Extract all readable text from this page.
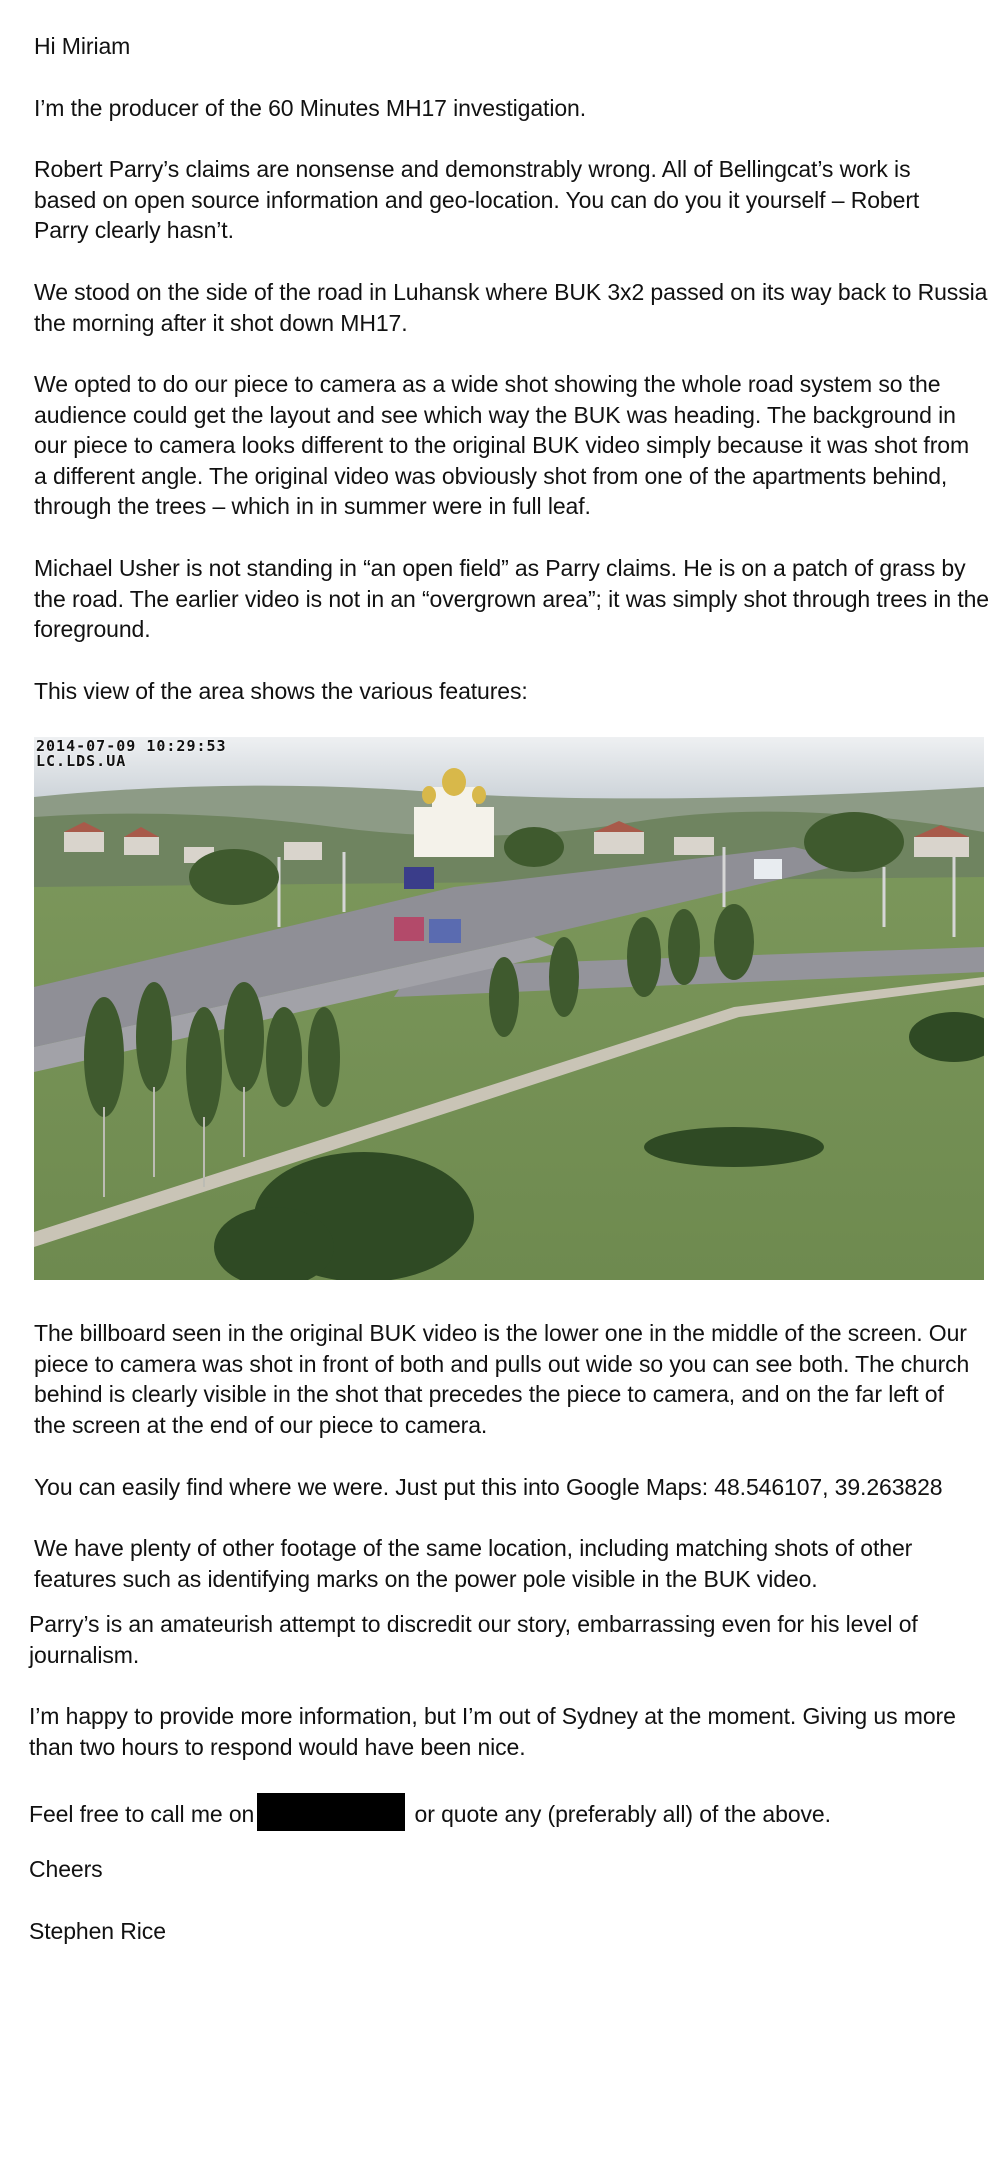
Hi Miriam

I’m the producer of the 60 Minutes MH17 investigation.

Robert Parry’s claims are nonsense and demonstrably wrong. All of Bellingcat’s work is based on open source information and geo-location. You can do you it yourself – Robert Parry clearly hasn’t.

We stood on the side of the road in Luhansk where BUK 3x2 passed on its way back to Russia the morning after it shot down MH17.

We opted to do our piece to camera as a wide shot showing the whole road system so the audience could get the layout and see which way the BUK was heading. The background in our piece to camera looks different to the original BUK video simply because it was shot from a different angle. The original video was obviously shot from one of the apartments behind, through the trees – which in in summer were in full leaf.

Michael Usher is not standing in “an open field” as Parry claims. He is on a patch of grass by the road. The earlier video is not in an “overgrown area”; it was simply shot through trees in the foreground.

This view of the area shows the various features:

2014-07-09 10:29:53
LC.LDS.UA

The billboard seen in the original BUK video is the lower one in the middle of the screen. Our piece to camera was shot in front of both and pulls out wide so you can see both. The church behind is clearly visible in the shot that precedes the piece to camera, and on the far left of the screen at the end of our piece to camera.

You can easily find where we were. Just put this into Google Maps: 48.546107, 39.263828

We have plenty of other footage of the same location, including matching shots of other features such as identifying marks on the power pole visible in the BUK video.

Parry’s is an amateurish attempt to discredit our story, embarrassing even for his level of journalism.

I’m happy to provide more information, but I’m out of Sydney at the moment. Giving us more than two hours to respond would have been nice.

Feel free to call me on	or quote any (preferably all) of the above.

Cheers

Stephen Rice
